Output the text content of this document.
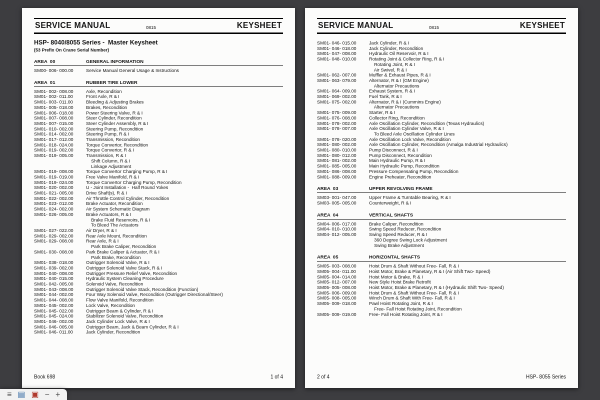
SERVICE MANUAL	0815	KEYSHEET
HSP- 8040/8055 Series -  Master Keysheet
(53 Prefix On Crane Serial Number)
AREA  00	GENERAL INFORMATION
SM00- 006- 000.00	Service Manual General Usage & Instructions
AREA  01	RUBBER TIRE LOWER
SM01- 002- 008.00	Axle, Recondition
SM01- 002- 011.00	Front Axle, R & I
SM01- 003- 011.00	Bleeding & Adjusting Brakes
SM01- 005- 018.00	Brakes, Recondition
SM01- 006- 018.00	Power Steering Valve, R & I
SM01- 007- 008.00	Steer Cylinder, Recondition
SM01- 007- 015.00	Steer Cylinder Assembly, R & I
SM01- 010- 002.00	Steering Pump, Recondition
SM01- 014- 002.00	Steering Pump, R & I
SM01- 017- 012.00	Transmission, Recondition
SM01- 018- 024.00	Torque Convertor, Recondition
SM01- 019- 002.00	Torque Convertor, R & I
SM01- 019- 005.00	Transmission, R & I
Shift Column, R & I
Linkage Adjustment
SM01- 019- 008.00	Torque Convertor Charging Pump, R & I
SM01- 019- 019.00	Free Valve Manifold, R & I
SM01- 019- 024.00	Torque Convertor Charging Pump, Recondition
SM01- 020- 002.00	U - Joint Installation -  Half Round Yokes
SM01- 021- 005.00	Drive Shaft(s), R & I
SM01- 022- 002.00	Air Throttle Control Cylinder, Recondition
SM01- 023- 012.00	Brake Actuator, Recondition
SM01- 024- 002.00	Air System Schematic Diagram
SM01- 026- 005.00	Brake Actuators, R & I
Brake Fluid Reservoirs, R & I
To Bleed The Actuators
SM01- 027- 022.00	Air Dryer, R & I
SM01- 029- 002.00	Rear Axle Mount, Recondition
SM01- 029- 008.00	Rear Axle, R & I
Park Brake Caliper, Recondition
SM01- 030- 008.00	Park Brake Caliper & Actuator, R & I
Park Brake, Recondition
SM01- 038- 018.00	Outrigger Solenoid Valve, R & I
SM01- 039- 002.00	Outrigger Solenoid Valve Stack, R & I
SM01- 040- 008.00	Outrigger Pressure Relief Valve, Recondition
SM01- 040- 015.00	Hydraulic System Cleaning Procedure
SM01- 042- 005.00	Solenoid Valve, Recondition
SM01- 043- 008.00	Outrigger Solenoid Valve Stack, Recondition (Function)
SM01- 044- 002.00	Four Way Solenoid Valve, Recondition (Outrigger Directional/Steer)
SM01- 044- 008.00	Flow Valve Manifold, Recondition
SM01- 045- 002.00	Lock Valve, Recondition
SM01- 045- 022.00	Outrigger Beam & Cylinder, R & I
SM01- 045- 024.00	Stabilizer Solenoid Valve, Recondition
SM01- 046- 002.00	Jack Cylinder Lock Valve, R & I
SM01- 046- 005.00	Outrigger Beam, Jack & Beam Cylinder, R & I
SM01- 046- 011.00	Jack Cylinder, Recondition
Book 698	1 of 4
SERVICE MANUAL	0815	KEYSHEET
SM01- 046- 015.00	Jack Cylinder, R & I
SM01- 046- 018.00	Jack Cylinder, Recondition
SM01- 047- 008.00	Hydraulic Oil Reservoir, R & I
SM01- 048- 010.00	Rotating Joint & Collector Ring, R & I
Rotating Joint, R & I
Air Swivel, R & I
SM01- 062- 007.00	Muffler & Exhaust Pipes, R & I
SM01- 063- 079.00	Alternator, R & I (GM Engine)
Alternator Precautions
SM01- 064- 009.00	Exhaust System, R & I
SM01- 069- 002.00	Fuel Tank, R & I
SM01- 075- 002.00	Alternator, R & I (Cummins Engine)
Alternator Precautions
SM01- 075- 009.00	Starter, R & I
SM01- 076- 008.00	Collector Ring, Recondition
SM01- 078- 002.00	Axle Oscillation Cylinder, Recondition (Texas Hydraulics)
SM01- 078- 007.00	Axle Oscillation Cylinder Valve, R & I
To Bleed Axle Oscillation Cylinder Lines
SM01- 078- 020.00	Axle Oscillation Lock Valve, Recondition
SM01- 080- 002.00	Axle Oscillation Cylinder, Recondition (Amalga Industrial Hydraulics)
SM01- 080- 010.00	Pump Disconnect, R & I
SM01- 080- 012.00	Pump Disconnect, Recondition
SM01- 081- 002.00	Main Hydraulic Pump, R & I
SM01- 085- 005.00	Main Hydraulic Pump, Recondition
SM01- 086- 008.00	Pressure Compensating Pump, Recondition
SM01- 088- 009.00	Engine Preheater, Recondition
AREA  03	UPPER REVOLVING FRAME
SM03- 001- 047.00	Upper Frame & Turntable Bearing, R & I
SM03- 005- 005.00	Counterweight, R & I
AREA  04	VERTICAL SHAFTS
SM04- 006- 017.00	Brake Caliper, Recondition
SM04- 010- 010.00	Swing Speed Reducer, Recondition
SM04- 012- 005.00	Swing Speed Reducer, R & I
360 Degree Swing Lock Adjustment
Swing Brake Adjustment
AREA  05	HORIZONTAL SHAFTS
SM05- 003- 008.00	Hoist Drum & Shaft Without Free- Fall, R & I
SM05- 004- 011.00	Hoist Motor, Brake & Planetary, R & I (Air Shift Two- Speed)
SM05- 004- 014.00	Hoist Motor & Brake, R & I
SM05- 012- 007.00	New Style Hoist Brake Retrofit
SM05- 005- 008.00	Hoist Motor, Brake & Planetary, R & I (Hydraulic Shift Two- Speed)
SM05- 006- 009.00	Hoist Drum & Shaft Without Free- Fall, R & I
SM05- 008- 005.00	Winch Drum & Shaft With Free- Fall, R & I
SM05- 009- 018.00	Pawl Hoist Rotating Joint, R & I
Free- Fall Hoist Rotating Joint, Recondition
SM05- 009- 019.00	Free- Fall Hoist Rotating Joint, R & I
2 of 4	HSP- 8055 Series
≡ ▤ ▣ − +
